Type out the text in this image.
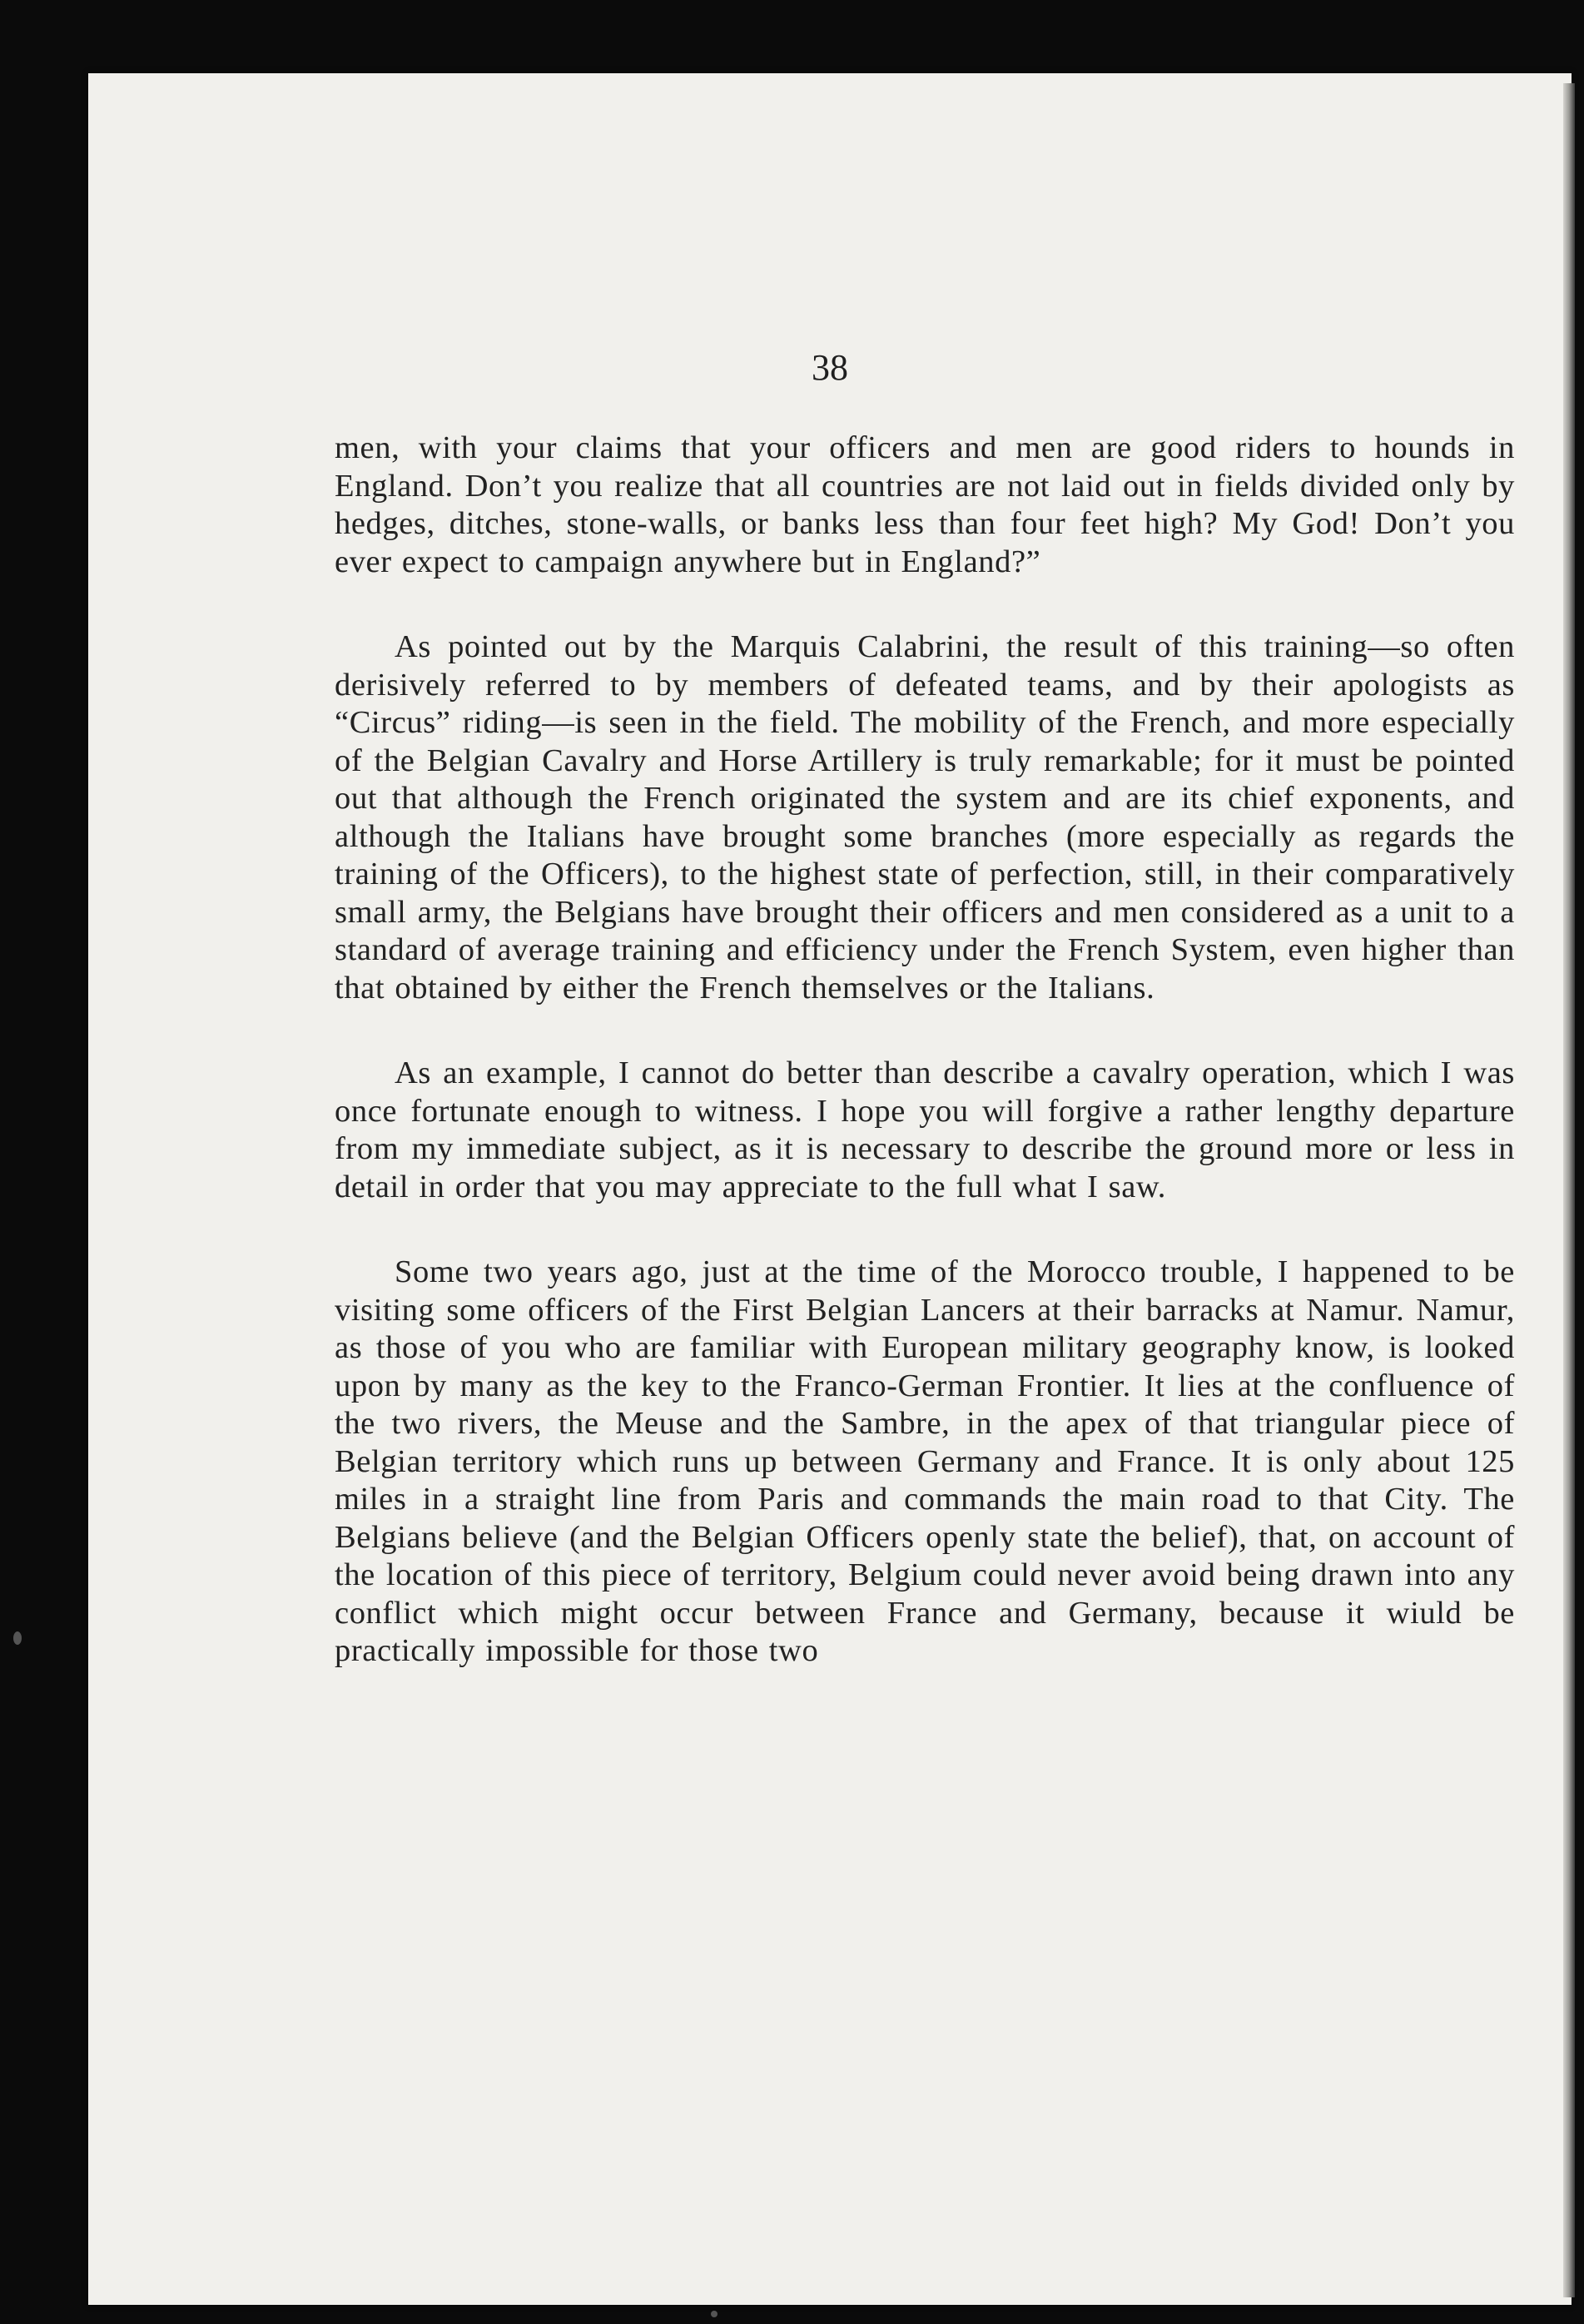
38

men, with your claims that your officers and men are good riders to hounds in England. Don’t you realize that all countries are not laid out in fields divided only by hedges, ditches, stone-walls, or banks less than four feet high? My God! Don’t you ever expect to campaign anywhere but in England?”

As pointed out by the Marquis Calabrini, the result of this training—so often derisively referred to by members of defeated teams, and by their apologists as “Circus” riding—is seen in the field. The mobility of the French, and more especially of the Belgian Cavalry and Horse Artillery is truly remarkable; for it must be pointed out that although the French originated the system and are its chief exponents, and although the Italians have brought some branches (more especially as regards the training of the Officers), to the highest state of perfection, still, in their comparatively small army, the Belgians have brought their officers and men considered as a unit to a standard of average training and efficiency under the French System, even higher than that obtained by either the French themselves or the Italians.

As an example, I cannot do better than describe a cavalry operation, which I was once fortunate enough to witness. I hope you will forgive a rather lengthy departure from my immediate subject, as it is necessary to describe the ground more or less in detail in order that you may appreciate to the full what I saw.

Some two years ago, just at the time of the Morocco trouble, I happened to be visiting some officers of the First Belgian Lancers at their barracks at Namur. Namur, as those of you who are familiar with European military geography know, is looked upon by many as the key to the Franco-German Frontier. It lies at the confluence of the two rivers, the Meuse and the Sambre, in the apex of that triangular piece of Belgian territory which runs up between Germany and France. It is only about 125 miles in a straight line from Paris and commands the main road to that City. The Belgians believe (and the Belgian Officers openly state the belief), that, on account of the location of this piece of territory, Belgium could never avoid being drawn into any conflict which might occur between France and Germany, because it wiuld be practically impossible for those two
